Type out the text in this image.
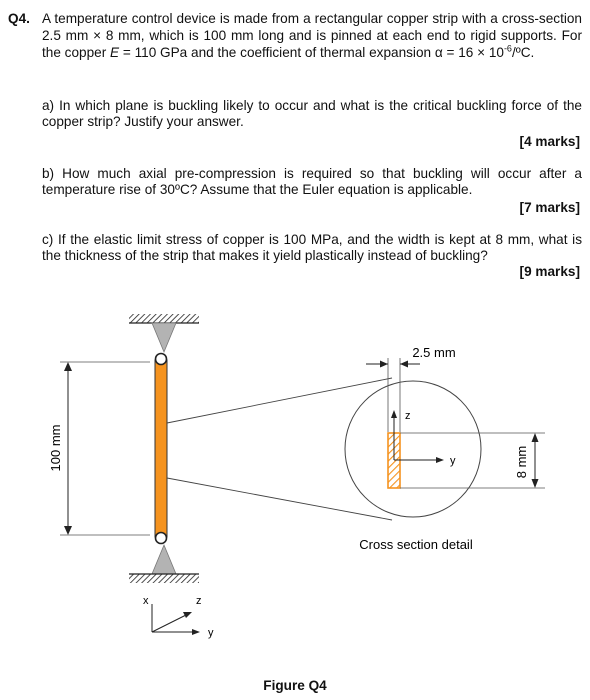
Q4. A temperature control device is made from a rectangular copper strip with a cross-section 2.5 mm × 8 mm, which is 100 mm long and is pinned at each end to rigid supports. For the copper E = 110 GPa and the coefficient of thermal expansion $\alpha = 16 \times 10^{-6}/ºC$.
a) In which plane is buckling likely to occur and what is the critical buckling force of the copper strip? Justify your answer.
[4 marks]
b) How much axial pre-compression is required so that buckling will occur after a temperature rise of 30ºC? Assume that the Euler equation is applicable.
[7 marks]
c) If the elastic limit stress of copper is 100 MPa, and the width is kept at 8 mm, what is the thickness of the strip that makes it yield plastically instead of buckling?
[9 marks]
100 mm
2.5 mm
z
y	8 mm
Cross section detail
x	z
y
Figure Q4
